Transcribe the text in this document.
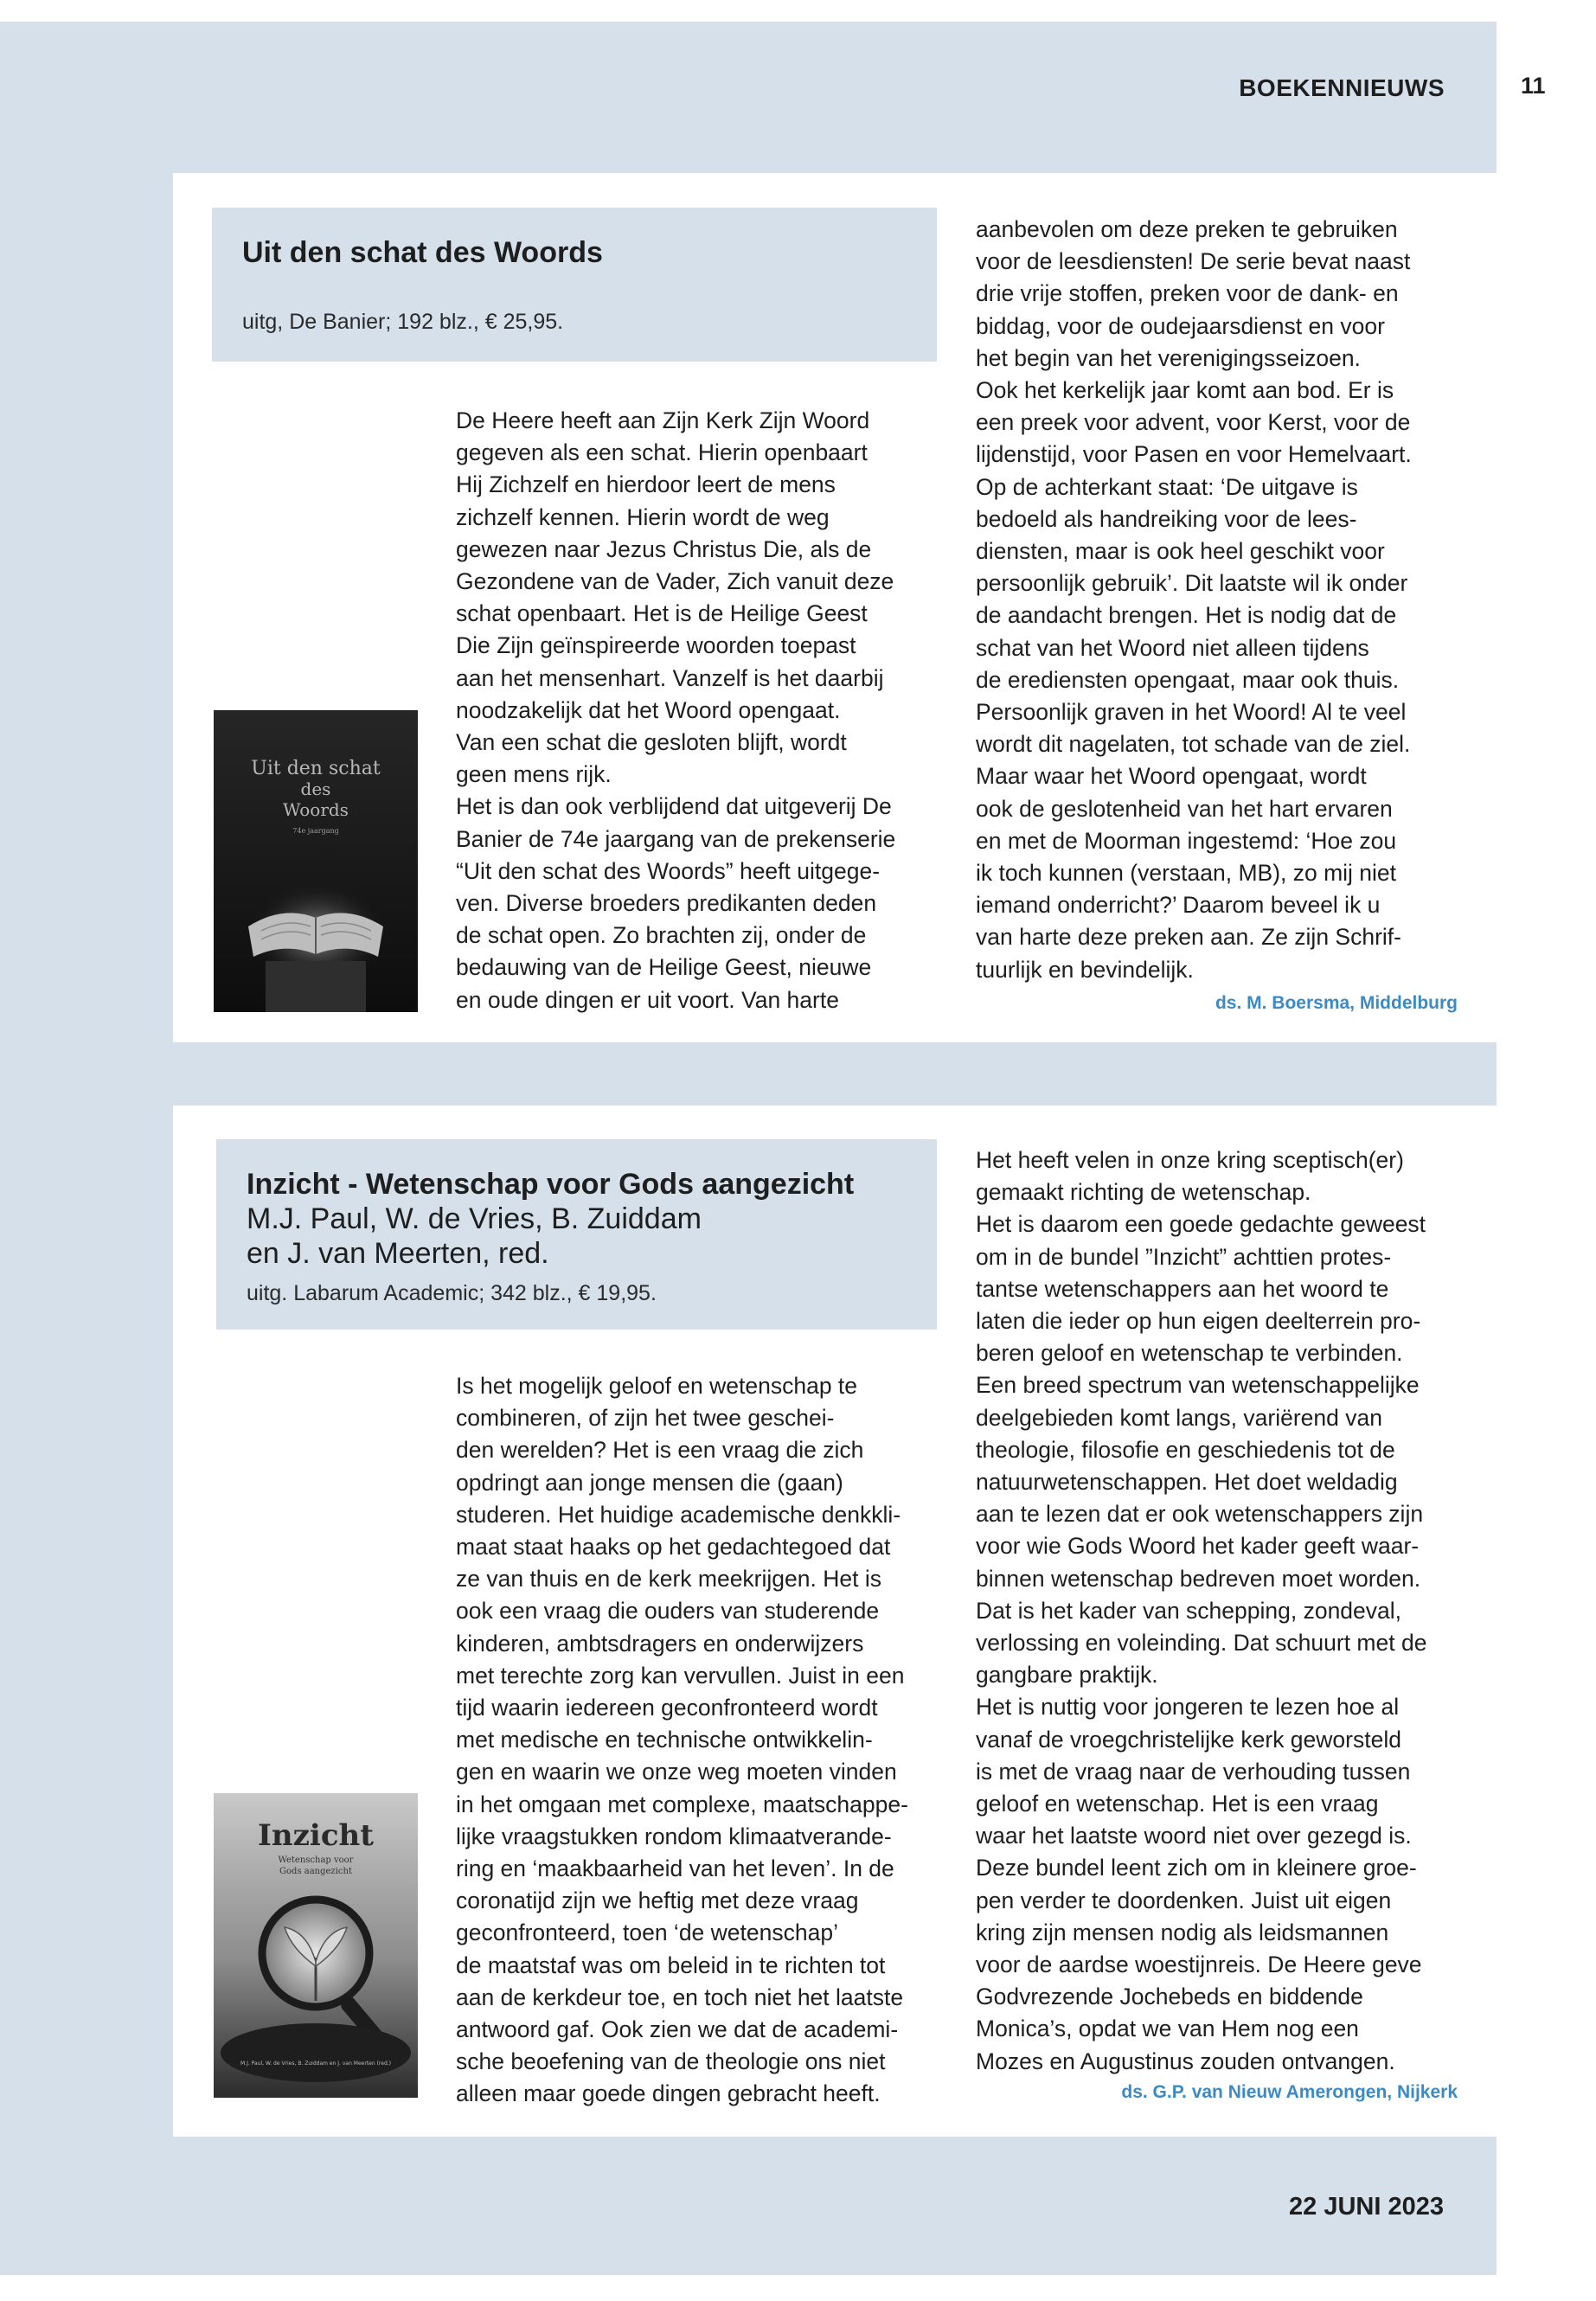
BOEKENNIEUWS	11
Uit den schat des Woords
uitg, De Banier; 192 blz., € 25,95.
Uit den schat
des
Woords
74e jaargang
De Heere heeft aan Zijn Kerk Zijn Woord
gegeven als een schat. Hierin openbaart
Hij Zichzelf en hierdoor leert de mens
zichzelf kennen. Hierin wordt de weg
gewezen naar Jezus Christus Die, als de
Gezondene van de Vader, Zich vanuit deze
schat openbaart. Het is de Heilige Geest
Die Zijn geïnspireerde woorden toepast
aan het mensenhart. Vanzelf is het daarbij
noodzakelijk dat het Woord opengaat.
Van een schat die gesloten blijft, wordt
geen mens rijk.
Het is dan ook verblijdend dat uitgeverij De
Banier de 74e jaargang van de prekenserie
“Uit den schat des Woords” heeft uitgege-
ven. Diverse broeders predikanten deden
de schat open. Zo brachten zij, onder de
bedauwing van de Heilige Geest, nieuwe
en oude dingen er uit voort. Van harte
aanbevolen om deze preken te gebruiken
voor de leesdiensten! De serie bevat naast
drie vrije stoffen, preken voor de dank- en
biddag, voor de oudejaarsdienst en voor
het begin van het verenigingsseizoen.
Ook het kerkelijk jaar komt aan bod. Er is
een preek voor advent, voor Kerst, voor de
lijdenstijd, voor Pasen en voor Hemelvaart.
Op de achterkant staat: ‘De uitgave is
bedoeld als handreiking voor de lees-
diensten, maar is ook heel geschikt voor
persoonlijk gebruik’. Dit laatste wil ik onder
de aandacht brengen. Het is nodig dat de
schat van het Woord niet alleen tijdens
de erediensten opengaat, maar ook thuis.
Persoonlijk graven in het Woord! Al te veel
wordt dit nagelaten, tot schade van de ziel.
Maar waar het Woord opengaat, wordt
ook de geslotenheid van het hart ervaren
en met de Moorman ingestemd: ‘Hoe zou
ik toch kunnen (verstaan, MB), zo mij niet
iemand onderricht?’ Daarom beveel ik u
van harte deze preken aan. Ze zijn Schrif-
tuurlijk en bevindelijk.
ds. M. Boersma, Middelburg
Inzicht - Wetenschap voor Gods aangezicht
M.J. Paul, W. de Vries, B. Zuiddam
en J. van Meerten, red.
uitg. Labarum Academic; 342 blz., € 19,95.
Inzicht
Wetenschap voor
Gods aangezicht
M.J. Paul, W. de Vries, B. Zuiddam en J. van Meerten (red.)
Is het mogelijk geloof en wetenschap te
combineren, of zijn het twee geschei-
den werelden? Het is een vraag die zich
opdringt aan jonge mensen die (gaan)
studeren. Het huidige academische denkkli-
maat staat haaks op het gedachtegoed dat
ze van thuis en de kerk meekrijgen. Het is
ook een vraag die ouders van studerende
kinderen, ambtsdragers en onderwijzers
met terechte zorg kan vervullen. Juist in een
tijd waarin iedereen geconfronteerd wordt
met medische en technische ontwikkelin-
gen en waarin we onze weg moeten vinden
in het omgaan met complexe, maatschappe-
lijke vraagstukken rondom klimaatverande-
ring en ‘maakbaarheid van het leven’. In de
coronatijd zijn we heftig met deze vraag
geconfronteerd, toen ‘de wetenschap’
de maatstaf was om beleid in te richten tot
aan de kerkdeur toe, en toch niet het laatste
antwoord gaf. Ook zien we dat de academi-
sche beoefening van de theologie ons niet
alleen maar goede dingen gebracht heeft.
Het heeft velen in onze kring sceptisch(er)
gemaakt richting de wetenschap.
Het is daarom een goede gedachte geweest
om in de bundel ”Inzicht” achttien protes-
tantse wetenschappers aan het woord te
laten die ieder op hun eigen deelterrein pro-
beren geloof en wetenschap te verbinden.
Een breed spectrum van wetenschappelijke
deelgebieden komt langs, variërend van
theologie, filosofie en geschiedenis tot de
natuurwetenschappen. Het doet weldadig
aan te lezen dat er ook wetenschappers zijn
voor wie Gods Woord het kader geeft waar-
binnen wetenschap bedreven moet worden.
Dat is het kader van schepping, zondeval,
verlossing en voleinding. Dat schuurt met de
gangbare praktijk.
Het is nuttig voor jongeren te lezen hoe al
vanaf de vroegchristelijke kerk geworsteld
is met de vraag naar de verhouding tussen
geloof en wetenschap. Het is een vraag
waar het laatste woord niet over gezegd is.
Deze bundel leent zich om in kleinere groe-
pen verder te doordenken. Juist uit eigen
kring zijn mensen nodig als leidsmannen
voor de aardse woestijnreis. De Heere geve
Godvrezende Jochebeds en biddende
Monica’s, opdat we van Hem nog een
Mozes en Augustinus zouden ontvangen.
ds. G.P. van Nieuw Amerongen, Nijkerk
22 JUNI 2023
